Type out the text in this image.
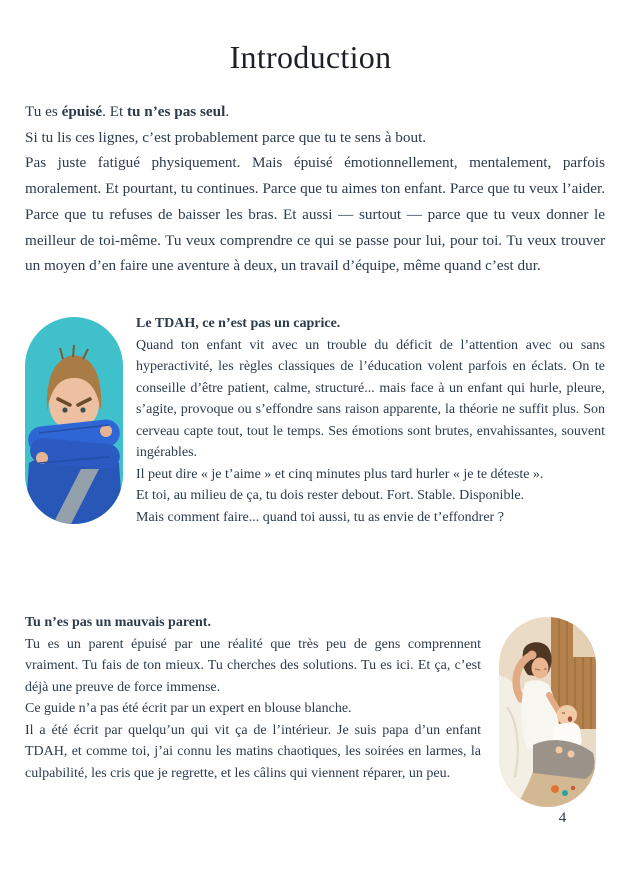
Introduction
Tu es épuisé. Et tu n’es pas seul.
Si tu lis ces lignes, c’est probablement parce que tu te sens à bout.
Pas juste fatigué physiquement. Mais épuisé émotionnellement, mentalement, parfois moralement. Et pourtant, tu continues. Parce que tu aimes ton enfant. Parce que tu veux l’aider. Parce que tu refuses de baisser les bras. Et aussi — surtout — parce que tu veux donner le meilleur de toi-même. Tu veux comprendre ce qui se passe pour lui, pour toi. Tu veux trouver un moyen d’en faire une aventure à deux, un travail d’équipe, même quand c’est dur.
Le TDAH, ce n’est pas un caprice.
Quand ton enfant vit avec un trouble du déficit de l’attention avec ou sans hyperactivité, les règles classiques de l’éducation volent parfois en éclats. On te conseille d’être patient, calme, structuré... mais face à un enfant qui hurle, pleure, s’agite, provoque ou s’effondre sans raison apparente, la théorie ne suffit plus. Son cerveau capte tout, tout le temps. Ses émotions sont brutes, envahissantes, souvent ingérables.
Il peut dire « je t’aime » et cinq minutes plus tard hurler « je te déteste ».
Et toi, au milieu de ça, tu dois rester debout. Fort. Stable. Disponible.
Mais comment faire... quand toi aussi, tu as envie de t’effondrer ?
Tu n’es pas un mauvais parent.
Tu es un parent épuisé par une réalité que très peu de gens comprennent vraiment. Tu fais de ton mieux. Tu cherches des solutions. Tu es ici. Et ça, c’est déjà une preuve de force immense.
Ce guide n’a pas été écrit par un expert en blouse blanche.
Il a été écrit par quelqu’un qui vit ça de l’intérieur. Je suis papa d’un enfant TDAH, et comme toi, j’ai connu les matins chaotiques, les soirées en larmes, la culpabilité, les cris que je regrette, et les câlins qui viennent réparer, un peu.
4
